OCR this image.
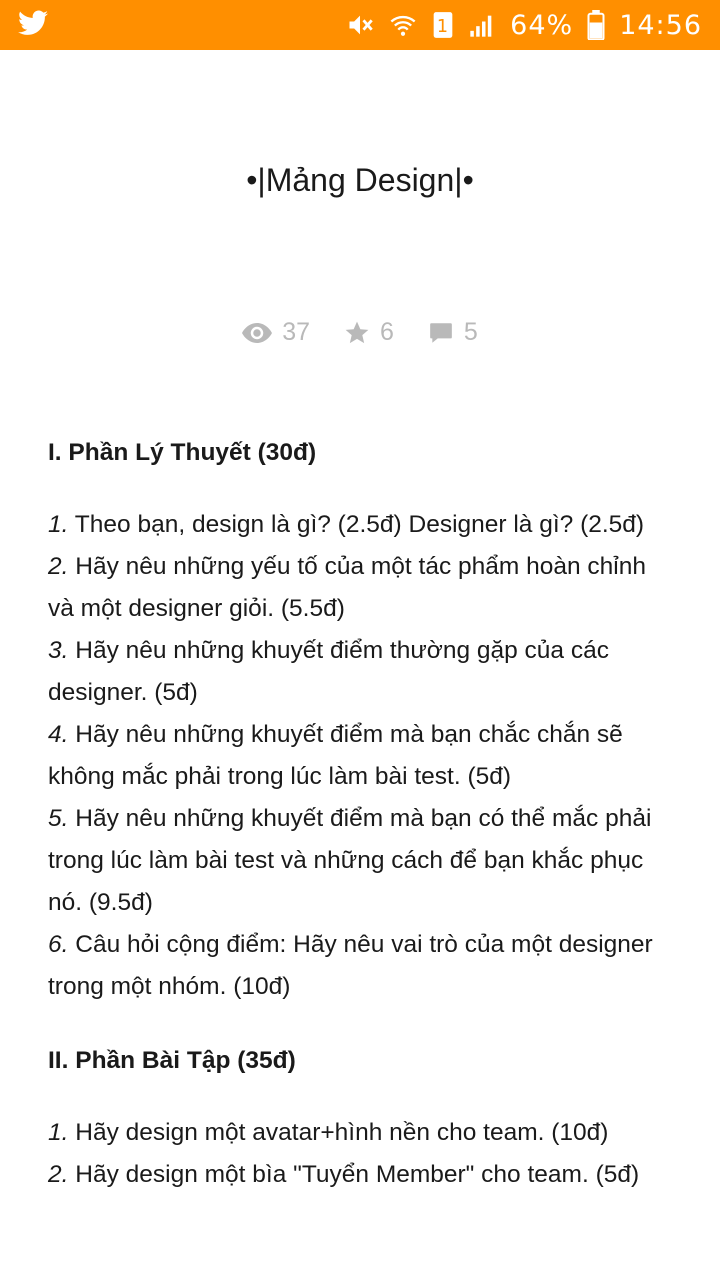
1 64% 14:56
•|Mảng Design|•
37	6	5

I. Phần Lý Thuyết (30đ)

1. Theo bạn, design là gì? (2.5đ) Designer là gì? (2.5đ)
2. Hãy nêu những yếu tố của một tác phẩm hoàn chỉnh và một designer giỏi. (5.5đ)
3. Hãy nêu những khuyết điểm thường gặp của các designer. (5đ)
4. Hãy nêu những khuyết điểm mà bạn chắc chắn sẽ không mắc phải trong lúc làm bài test. (5đ)
5. Hãy nêu những khuyết điểm mà bạn có thể mắc phải trong lúc làm bài test và những cách để bạn khắc phục nó. (9.5đ)
6. Câu hỏi cộng điểm: Hãy nêu vai trò của một designer trong một nhóm. (10đ)

II. Phần Bài Tập (35đ)

1. Hãy design một avatar+hình nền cho team. (10đ)
2. Hãy design một bìa "Tuyển Member" cho team. (5đ)
